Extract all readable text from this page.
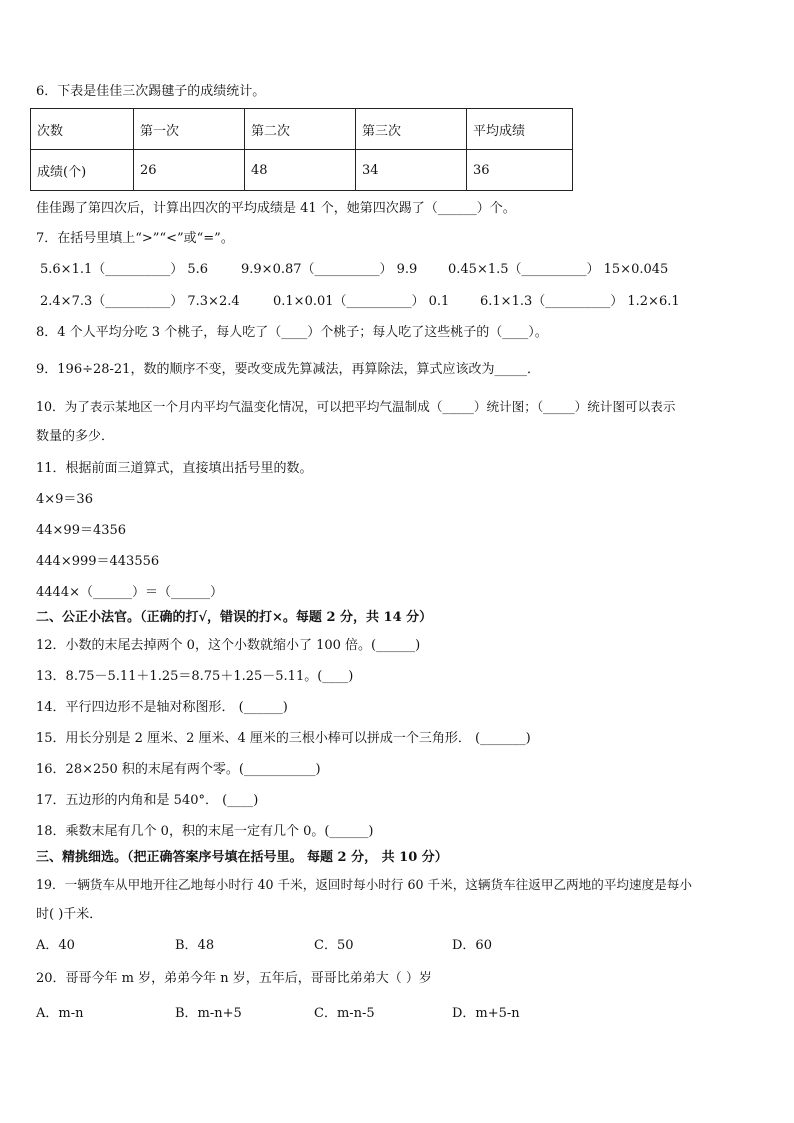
6．下表是佳佳三次踢毽子的成绩统计。
次数	第一次	第二次	第三次	平均成绩
成绩(个)	26	48	34	36
佳佳踢了第四次后，计算出四次的平均成绩是 41 个，她第四次踢了（______）个。
7．在括号里填上“>”“<”或“=”。
5.6×1.1（__________） 5.6	9.9×0.87（__________） 9.9 0.45×1.5（__________） 15×0.045
2.4×7.3（__________） 7.3×2.4	0.1×0.01（__________） 0.1 6.1×1.3（__________） 1.2×6.1
8．4 个人平均分吃 3 个桃子，每人吃了（____）个桃子；每人吃了这些桃子的（____）。
9．196÷28-21，数的顺序不变，要改变成先算减法，再算除法，算式应该改为_____．
10．为了表示某地区一个月内平均气温变化情况，可以把平均气温制成（_____）统计图；（_____）统计图可以表示
数量的多少．
11．根据前面三道算式，直接填出括号里的数。
4×9＝36
44×99＝4356
444×999＝443556
4444×（______）＝（______）
二、公正小法官。（正确的打√，错误的打×。每题 2 分，共 14 分）
12．小数的末尾去掉两个 0，这个小数就缩小了 100 倍。(______)
13．8.75－5.11＋1.25＝8.75＋1.25－5.11。(____)
14．平行四边形不是轴对称图形． (______)
15．用长分别是 2 厘米、2 厘米、4 厘米的三根小棒可以拼成一个三角形． (_______)
16．28×250 积的末尾有两个零。(___________)
17．五边形的内角和是 540°． (____)
18．乘数末尾有几个 0，积的末尾一定有几个 0。(______)
三、精挑细选。（把正确答案序号填在括号里。 每题 2 分， 共 10 分）
19．一辆货车从甲地开往乙地每小时行 40 千米，返回时每小时行 60 千米，这辆货车往返甲乙两地的平均速度是每小
时( )千米．
A．40	B．48	C．50	D．60
20．哥哥今年 m 岁，弟弟今年 n 岁，五年后，哥哥比弟弟大（ ）岁
A．m-n	B．m-n+5	C．m-n-5	D．m+5-n
